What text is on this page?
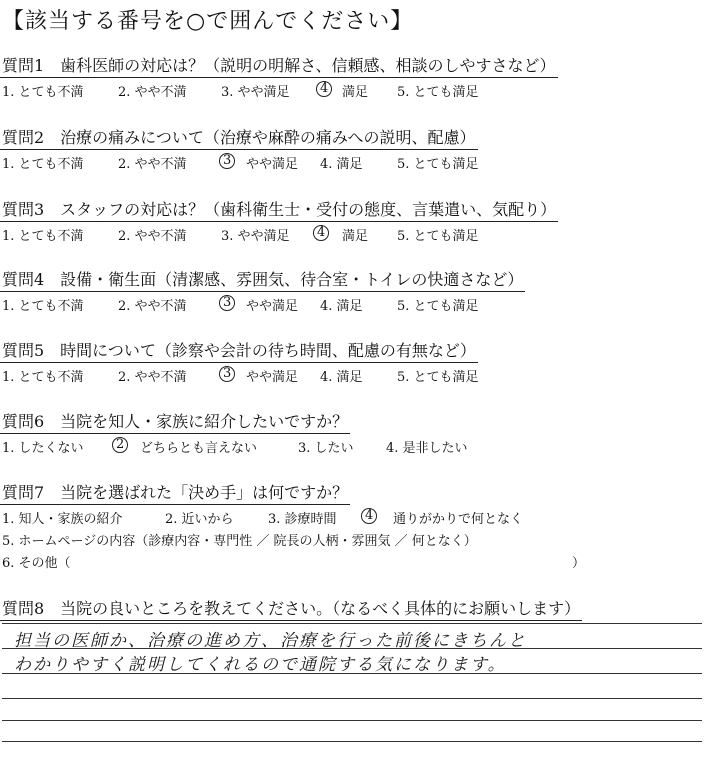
【該当する番号を○で囲んでください】
質問1　歯科医師の対応は？（説明の明解さ、信頼感、相談のしやすさなど）
1. とても不満	2. やや不満	3. やや満足	4	満足 5. とても満足
質問2　治療の痛みについて（治療や麻酔の痛みへの説明、配慮）
1. とても不満	2. やや不満	3	やや満足 4. 満足	5. とても満足
質問3　スタッフの対応は？（歯科衛生士・受付の態度、言葉遣い、気配り）
1. とても不満	2. やや不満	3. やや満足	4	満足 5. とても満足
質問4　設備・衛生面（清潔感、雰囲気、待合室・トイレの快適さなど）
1. とても不満	2. やや不満	3	やや満足 4. 満足	5. とても満足
質問5　時間について（診察や会計の待ち時間、配慮の有無など）
1. とても不満	2. やや不満	3	やや満足 4. 満足	5. とても満足
質問6　当院を知人・家族に紹介したいですか？
1. したくない	2	どちらとも言えない	3. したい 4. 是非したい
質問7　当院を選ばれた「決め手」は何ですか？
1. 知人・家族の紹介	2. 近いから	3. 診療時間	4	通りがかりで何となく
5. ホームページの内容（診療内容・専門性 ／ 院長の人柄・雰囲気 ／ 何となく）
6. その他（	）
質問8　当院の良いところを教えてください。（なるべく具体的にお願いします）
担当の医師か、治療の進め方、治療を行った前後にきちんと
わかりやすく説明してくれるので通院する気になります。
